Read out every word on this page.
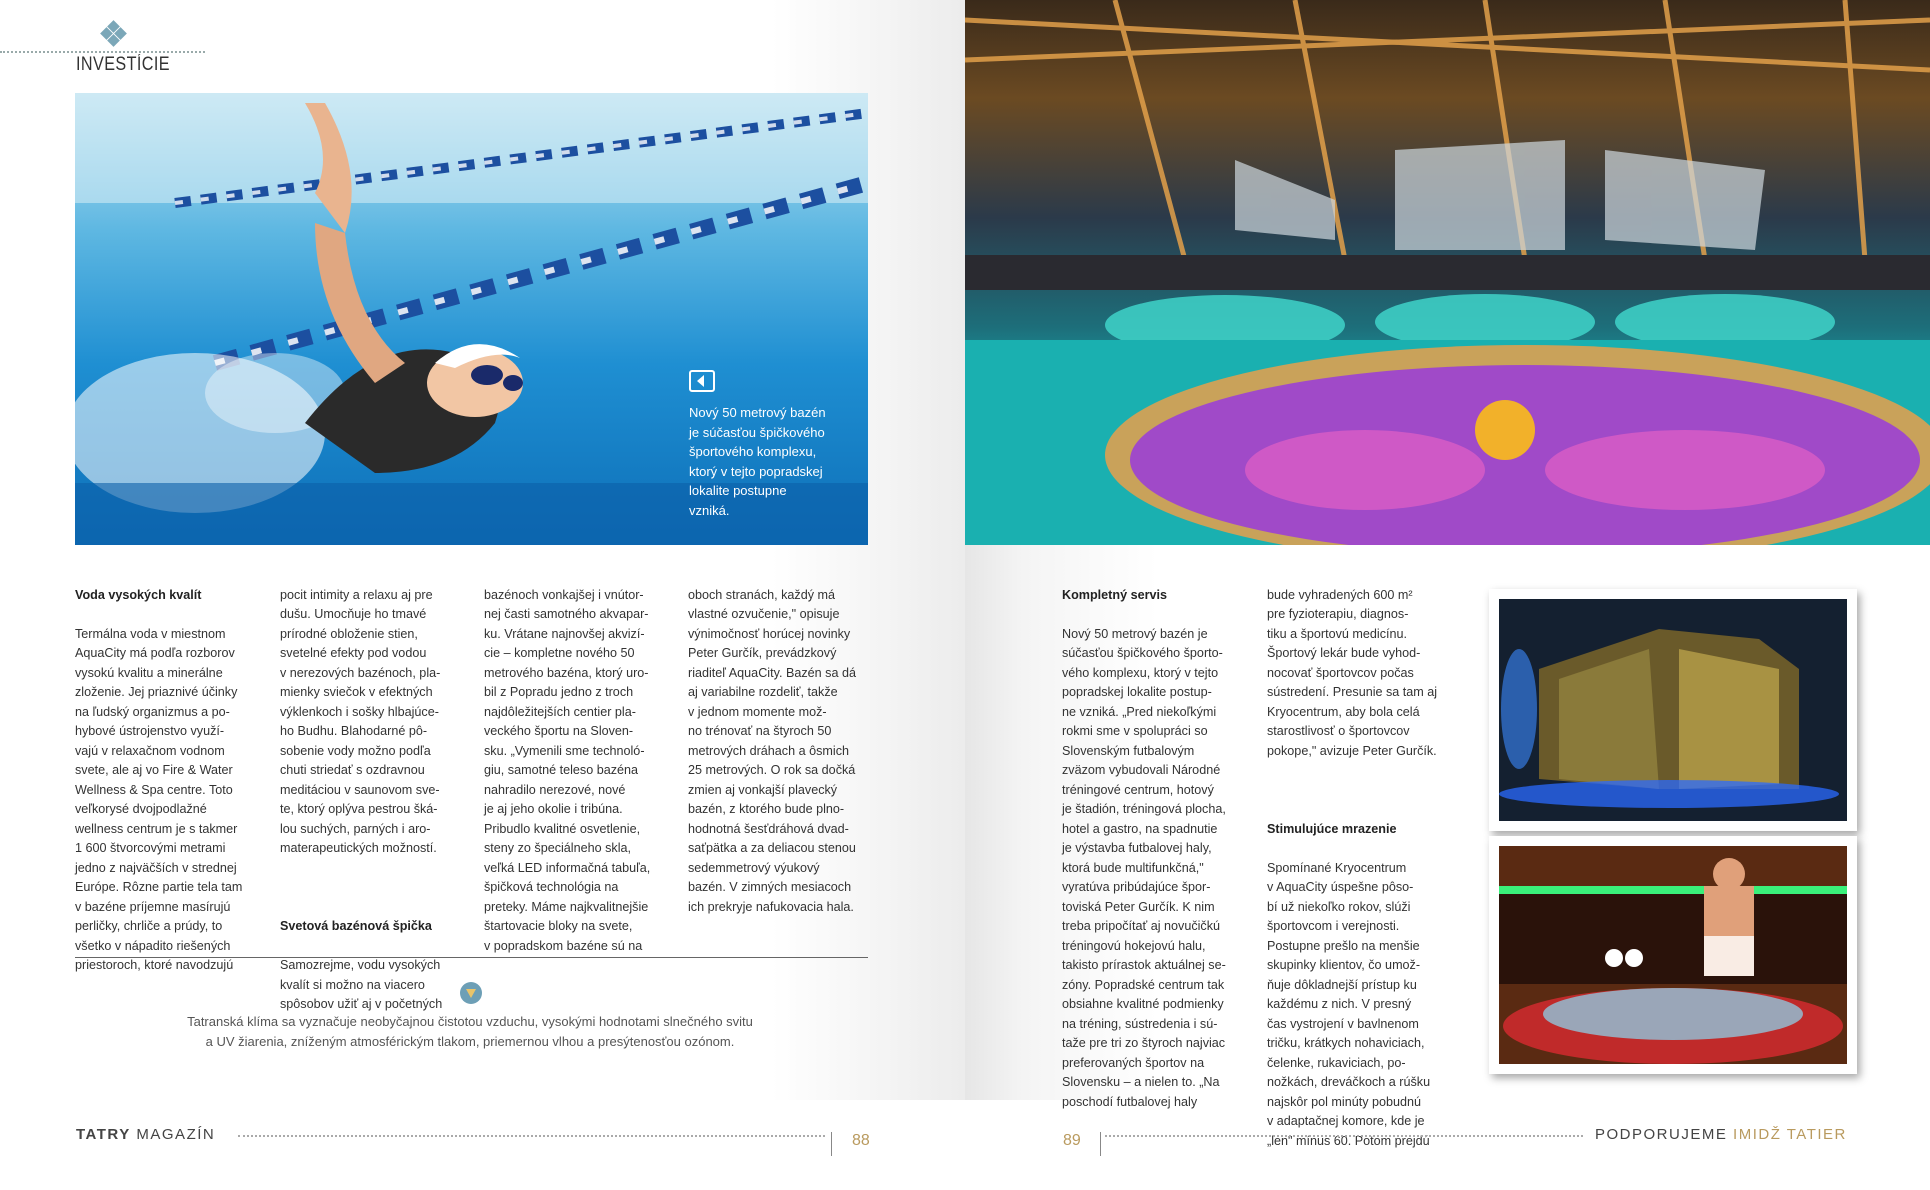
INVESTÍCIE
Nový 50 metrový bazén
je súčasťou špičkového
športového komplexu,
ktorý v tejto popradskej
lokalite postupne
vzniká.

Voda vysokých kvalít

Termálna voda v miestnom
AquaCity má podľa rozborov
vysokú kvalitu a minerálne
zloženie. Jej priaznivé účinky
na ľudský organizmus a po-
hybové ústrojenstvo využí-
vajú v relaxačnom vodnom
svete, ale aj vo Fire & Water
Wellness & Spa centre. Toto
veľkorysé dvojpodlažné
wellness centrum je s takmer
1 600 štvorcovými metrami
jedno z najväčších v strednej
Európe. Rôzne partie tela tam
v bazéne príjemne masírujú
perličky, chrliče a prúdy, to
všetko v nápadito riešených
priestoroch, ktoré navodzujú

pocit intimity a relaxu aj pre
dušu. Umocňuje ho tmavé
prírodné obloženie stien,
svetelné efekty pod vodou
v nerezových bazénoch, pla-
mienky sviečok v efektných
výklenkoch i sošky hlbajúce-
ho Budhu. Blahodarné pô-
sobenie vody možno podľa
chuti striedať s ozdravnou
meditáciou v saunovom sve-
te, ktorý oplýva pestrou šká-
lou suchých, parných i aro-
materapeutických možností.

Svetová bazénová špička

Samozrejme, vodu vysokých
kvalít si možno na viacero
spôsobov užiť aj v početných

bazénoch vonkajšej i vnútor-
nej časti samotného akvapar-
ku. Vrátane najnovšej akvizí-
cie – kompletne nového 50
metrového bazéna, ktorý uro-
bil z Popradu jedno z troch
najdôležitejších centier pla-
veckého športu na Sloven-
sku. „Vymenili sme technoló-
giu, samotné teleso bazéna
nahradilo nerezové, nové
je aj jeho okolie i tribúna.
Pribudlo kvalitné osvetlenie,
steny zo špeciálneho skla,
veľká LED informačná tabuľa,
špičková technológia na
preteky. Máme najkvalitnejšie
štartovacie bloky na svete,
v popradskom bazéne sú na

oboch stranách, každý má
vlastné ozvučenie," opisuje
výnimočnosť horúcej novinky
Peter Gurčík, prevádzkový
riaditeľ AquaCity. Bazén sa dá
aj variabilne rozdeliť, takže
v jednom momente mož-
no trénovať na štyroch 50
metrových dráhach a ôsmich
25 metrových. O rok sa dočká
zmien aj vonkajší plavecký
bazén, z ktorého bude plno-
hodnotná šesťdráhová dvad-
saťpätka a za deliacou stenou
sedemmetrový výukový
bazén. V zimných mesiacoch
ich prekryje nafukovacia hala.

Kompletný servis

Nový 50 metrový bazén je
súčasťou špičkového športo-
vého komplexu, ktorý v tejto
popradskej lokalite postup-
ne vzniká. „Pred niekoľkými
rokmi sme v spolupráci so
Slovenským futbalovým
zväzom vybudovali Národné
tréningové centrum, hotový
je štadión, tréningová plocha,
hotel a gastro, na spadnutie
je výstavba futbalovej haly,
ktorá bude multifunkčná,"
vyratúva pribúdajúce špor-
toviská Peter Gurčík. K nim
treba pripočítať aj novučičkú
tréningovú hokejovú halu,
takisto prírastok aktuálnej se-
zóny. Popradské centrum tak
obsiahne kvalitné podmienky
na tréning, sústredenia i sú-
taže pre tri zo štyroch najviac
preferovaných športov na
Slovensku – a nielen to. „Na
poschodí futbalovej haly

bude vyhradených 600 m²
pre fyzioterapiu, diagnos-
tiku a športovú medicínu.
Športový lekár bude vyhod-
nocovať športovcov počas
sústredení. Presunie sa tam aj
Kryocentrum, aby bola celá
starostlivosť o športovcov
pokope," avizuje Peter Gurčík.

Stimulujúce mrazenie

Spomínané Kryocentrum
v AquaCity úspešne pôso-
bí už niekoľko rokov, slúži
športovcom i verejnosti.
Postupne prešlo na menšie
skupinky klientov, čo umož-
ňuje dôkladnejší prístup ku
každému z nich. V presný
čas vystrojení v bavlnenom
tričku, krátkych nohaviciach,
čelenke, rukaviciach, po-
nožkách, dreváčkoch a rúšku
najskôr pol minúty pobudnú
v adaptačnej komore, kde je
„len" mínus 60. Potom prejdú

Tatranská klíma sa vyznačuje neobyčajnou čistotou vzduchu, vysokými hodnotami slnečného svitu
a UV žiarenia, zníženým atmosférickým tlakom, priemernou vlhou a presýtenosťou ozónom.
TATRY MAGAZÍN	88	89	PODPORUJEME IMIDŽ TATIER
